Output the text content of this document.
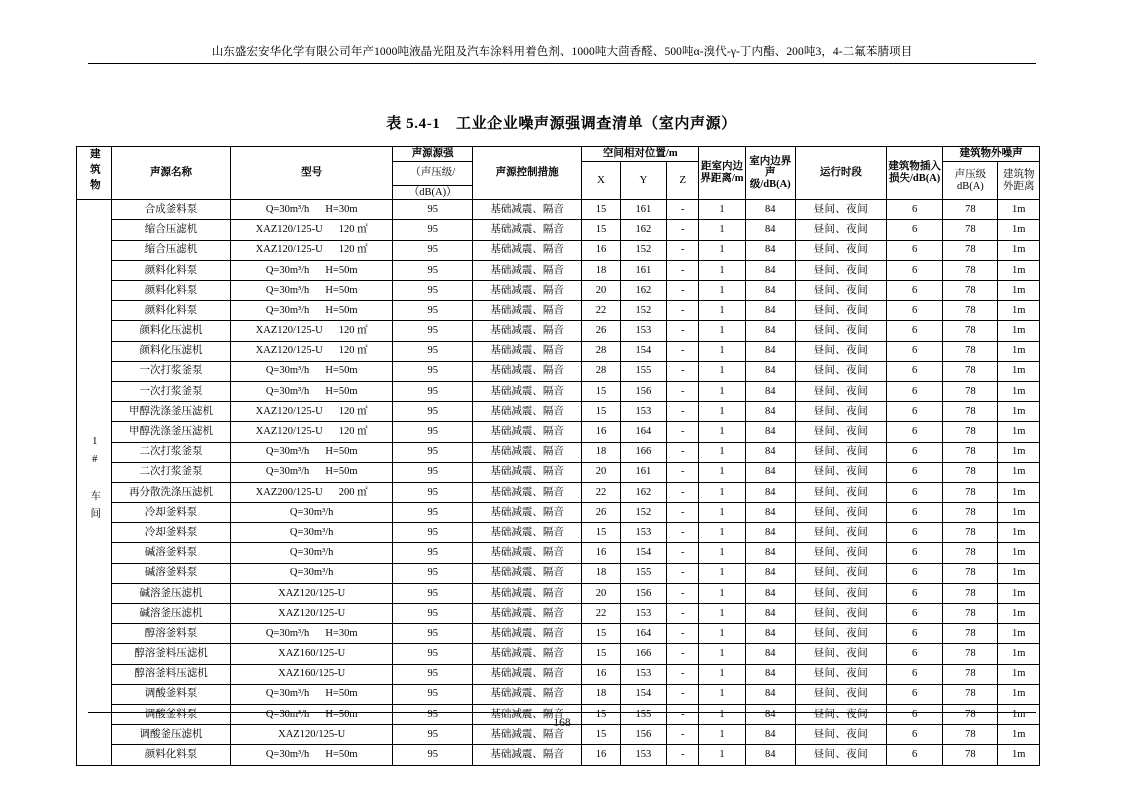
山东盛宏安华化学有限公司年产1000吨液晶光阻及汽车涂料用着色剂、1000吨大茴香醛、500吨α-溴代-γ-丁内酯、200吨3，4-二氟苯腈项目
表 5.4-1　工业企业噪声源强调查清单（室内声源）
建筑物	声源名称	型号	声源源强	声源控制措施	空间相对位置/m			距室内边界距离/m	室内边界声级/dB(A)	运行时段	建筑物插入损失/dB(A)	建筑物外噪声	
			（声压级/		X	Y	Z					声压级dB(A)	建筑物外距离
			（dB(A)）										
1# 车间	合成釜料泵	Q=30m³/h H=30m	95	基础减震、隔音	15	161	-	1	84	昼间、夜间	6	78	1m
	缩合压滤机	XAZ120/125-U 120 ㎡	95	基础减震、隔音	15	162	-	1	84	昼间、夜间	6	78	1m
	缩合压滤机	XAZ120/125-U 120 ㎡	95	基础减震、隔音	16	152	-	1	84	昼间、夜间	6	78	1m
	颜料化料泵	Q=30m³/h H=50m	95	基础减震、隔音	18	161	-	1	84	昼间、夜间	6	78	1m
	颜料化料泵	Q=30m³/h H=50m	95	基础减震、隔音	20	162	-	1	84	昼间、夜间	6	78	1m
	颜料化料泵	Q=30m³/h H=50m	95	基础减震、隔音	22	152	-	1	84	昼间、夜间	6	78	1m
	颜料化压滤机	XAZ120/125-U 120 ㎡	95	基础减震、隔音	26	153	-	1	84	昼间、夜间	6	78	1m
	颜料化压滤机	XAZ120/125-U 120 ㎡	95	基础减震、隔音	28	154	-	1	84	昼间、夜间	6	78	1m
	一次打浆釜泵	Q=30m³/h H=50m	95	基础减震、隔音	28	155	-	1	84	昼间、夜间	6	78	1m
	一次打浆釜泵	Q=30m³/h H=50m	95	基础减震、隔音	15	156	-	1	84	昼间、夜间	6	78	1m
	甲醇洗涤釜压滤机	XAZ120/125-U 120 ㎡	95	基础减震、隔音	15	153	-	1	84	昼间、夜间	6	78	1m
	甲醇洗涤釜压滤机	XAZ120/125-U 120 ㎡	95	基础减震、隔音	16	164	-	1	84	昼间、夜间	6	78	1m
	二次打浆釜泵	Q=30m³/h H=50m	95	基础减震、隔音	18	166	-	1	84	昼间、夜间	6	78	1m
	二次打浆釜泵	Q=30m³/h H=50m	95	基础减震、隔音	20	161	-	1	84	昼间、夜间	6	78	1m
	再分散洗涤压滤机	XAZ200/125-U 200 ㎡	95	基础减震、隔音	22	162	-	1	84	昼间、夜间	6	78	1m
	冷却釜料泵	Q=30m³/h	95	基础减震、隔音	26	152	-	1	84	昼间、夜间	6	78	1m
	冷却釜料泵	Q=30m³/h	95	基础减震、隔音	15	153	-	1	84	昼间、夜间	6	78	1m
	碱溶釜料泵	Q=30m³/h	95	基础减震、隔音	16	154	-	1	84	昼间、夜间	6	78	1m
	碱溶釜料泵	Q=30m³/h	95	基础减震、隔音	18	155	-	1	84	昼间、夜间	6	78	1m
	碱溶釜压滤机	XAZ120/125-U	95	基础减震、隔音	20	156	-	1	84	昼间、夜间	6	78	1m
	碱溶釜压滤机	XAZ120/125-U	95	基础减震、隔音	22	153	-	1	84	昼间、夜间	6	78	1m
	醇溶釜料泵	Q=30m³/h H=30m	95	基础减震、隔音	15	164	-	1	84	昼间、夜间	6	78	1m
	醇溶釜料压滤机	XAZ160/125-U	95	基础减震、隔音	15	166	-	1	84	昼间、夜间	6	78	1m
	醇溶釜料压滤机	XAZ160/125-U	95	基础减震、隔音	16	153	-	1	84	昼间、夜间	6	78	1m
	调酸釜料泵	Q=30m³/h H=50m	95	基础减震、隔音	18	154	-	1	84	昼间、夜间	6	78	1m
	调酸釜料泵	Q=30m³/h H=50m	95	基础减震、隔音	15	155	-	1	84	昼间、夜间	6	78	1m
	调酸釜压滤机	XAZ120/125-U	95	基础减震、隔音	15	156	-	1	84	昼间、夜间	6	78	1m
	颜料化料泵	Q=30m³/h H=50m	95	基础减震、隔音	16	153	-	1	84	昼间、夜间	6	78	1m
168
